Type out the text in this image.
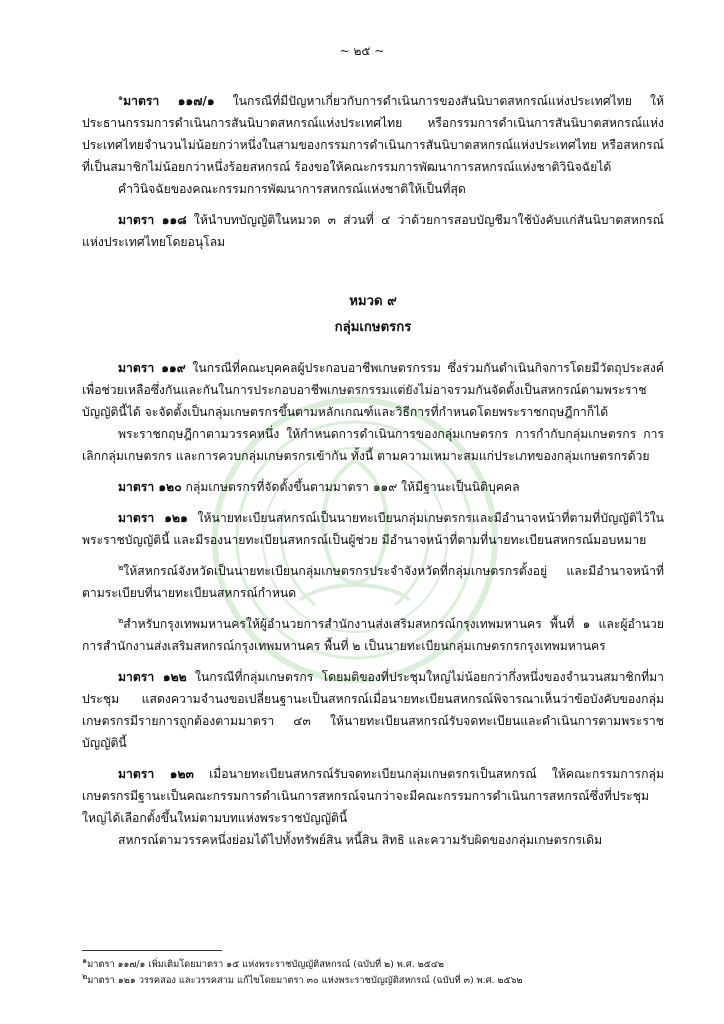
~ ๒๕ ~

$^๑$มาตรา ๑๑๗/๑ ในกรณีที่มีปัญหาเกี่ยวกับการดำเนินการของสันนิบาตสหกรณ์แห่งประเทศไทย ให้ประธานกรรมการดำเนินการสันนิบาตสหกรณ์แห่งประเทศไทย หรือกรรมการดำเนินการสันนิบาตสหกรณ์แห่งประเทศไทยจำนวนไม่น้อยกว่าหนึ่งในสามของกรรมการดำเนินการสันนิบาตสหกรณ์แห่งประเทศไทย หรือสหกรณ์ที่เป็นสมาชิกไม่น้อยกว่าหนึ่งร้อยสหกรณ์ ร้องขอให้คณะกรรมการพัฒนาการสหกรณ์แห่งชาติวินิจฉัยได้

คำวินิจฉัยของคณะกรรมการพัฒนาการสหกรณ์แห่งชาติให้เป็นที่สุด

มาตรา ๑๑๘ ให้นำบทบัญญัติในหมวด ๓ ส่วนที่ ๔ ว่าด้วยการสอบบัญชีมาใช้บังคับแก่สันนิบาตสหกรณ์แห่งประเทศไทยโดยอนุโลม

หมวด ๙
กลุ่มเกษตรกร

มาตรา ๑๑๙ ในกรณีที่คณะบุคคลผู้ประกอบอาชีพเกษตรกรรม ซึ่งร่วมกันดำเนินกิจการโดยมีวัตถุประสงค์เพื่อช่วยเหลือซึ่งกันและกันในการประกอบอาชีพเกษตรกรรมแต่ยังไม่อาจรวมกันจัดตั้งเป็นสหกรณ์ตามพระราชบัญญัตินี้ได้ จะจัดตั้งเป็นกลุ่มเกษตรกรขึ้นตามหลักเกณฑ์และวิธีการที่กำหนดโดยพระราชกฤษฎีกาก็ได้

พระราชกฤษฎีกาตามวรรคหนึ่ง ให้กำหนดการดำเนินการของกลุ่มเกษตรกร การกำกับกลุ่มเกษตรกร การเลิกกลุ่มเกษตรกร และการควบกลุ่มเกษตรกรเข้ากัน ทั้งนี้ ตามความเหมาะสมแก่ประเภทของกลุ่มเกษตรกรด้วย

มาตรา ๑๒๐ กลุ่มเกษตรกรที่จัดตั้งขึ้นตามมาตรา ๑๑๙ ให้มีฐานะเป็นนิติบุคคล

มาตรา ๑๒๑ ให้นายทะเบียนสหกรณ์เป็นนายทะเบียนกลุ่มเกษตรกรและมีอำนาจหน้าที่ตามที่บัญญัติไว้ในพระราชบัญญัตินี้ และมีรองนายทะเบียนสหกรณ์เป็นผู้ช่วย มีอำนาจหน้าที่ตามที่นายทะเบียนสหกรณ์มอบหมาย

$^๒$ให้สหกรณ์จังหวัดเป็นนายทะเบียนกลุ่มเกษตรกรประจำจังหวัดที่กลุ่มเกษตรกรตั้งอยู่ และมีอำนาจหน้าที่ตามระเบียบที่นายทะเบียนสหกรณ์กำหนด

$^๒$สำหรับกรุงเทพมหานครให้ผู้อำนวยการสำนักงานส่งเสริมสหกรณ์กรุงเทพมหานคร พื้นที่ ๑ และผู้อำนวยการสำนักงานส่งเสริมสหกรณ์กรุงเทพมหานคร พื้นที่ ๒ เป็นนายทะเบียนกลุ่มเกษตรกรกรุงเทพมหานคร

มาตรา ๑๒๒ ในกรณีที่กลุ่มเกษตรกร โดยมติของที่ประชุมใหญ่ไม่น้อยกว่ากึ่งหนึ่งของจำนวนสมาชิกที่มาประชุม แสดงความจำนงขอเปลี่ยนฐานะเป็นสหกรณ์เมื่อนายทะเบียนสหกรณ์พิจารณาเห็นว่าข้อบังคับของกลุ่มเกษตรกรมีรายการถูกต้องตามมาตรา ๔๓ ให้นายทะเบียนสหกรณ์รับจดทะเบียนและดำเนินการตามพระราชบัญญัตินี้

มาตรา ๑๒๓ เมื่อนายทะเบียนสหกรณ์รับจดทะเบียนกลุ่มเกษตรกรเป็นสหกรณ์ ให้คณะกรรมการกลุ่มเกษตรกรมีฐานะเป็นคณะกรรมการดำเนินการสหกรณ์จนกว่าจะมีคณะกรรมการดำเนินการสหกรณ์ซึ่งที่ประชุมใหญ่ได้เลือกตั้งขึ้นใหม่ตามบทแห่งพระราชบัญญัตินี้

สหกรณ์ตามวรรคหนึ่งย่อมได้ไปทั้งทรัพย์สิน หนี้สิน สิทธิ และความรับผิดของกลุ่มเกษตรกรเดิม

๑มาตรา ๑๑๗/๑ เพิ่มเติมโดยมาตรา ๑๕ แห่งพระราชบัญญัติสหกรณ์ (ฉบับที่ ๒) พ.ศ. ๒๕๔๒
๒มาตรา ๑๒๑ วรรคสอง และวรรคสาม แก้ไขโดยมาตรา ๓๐ แห่งพระราชบัญญัติสหกรณ์ (ฉบับที่ ๓) พ.ศ. ๒๕๖๒
